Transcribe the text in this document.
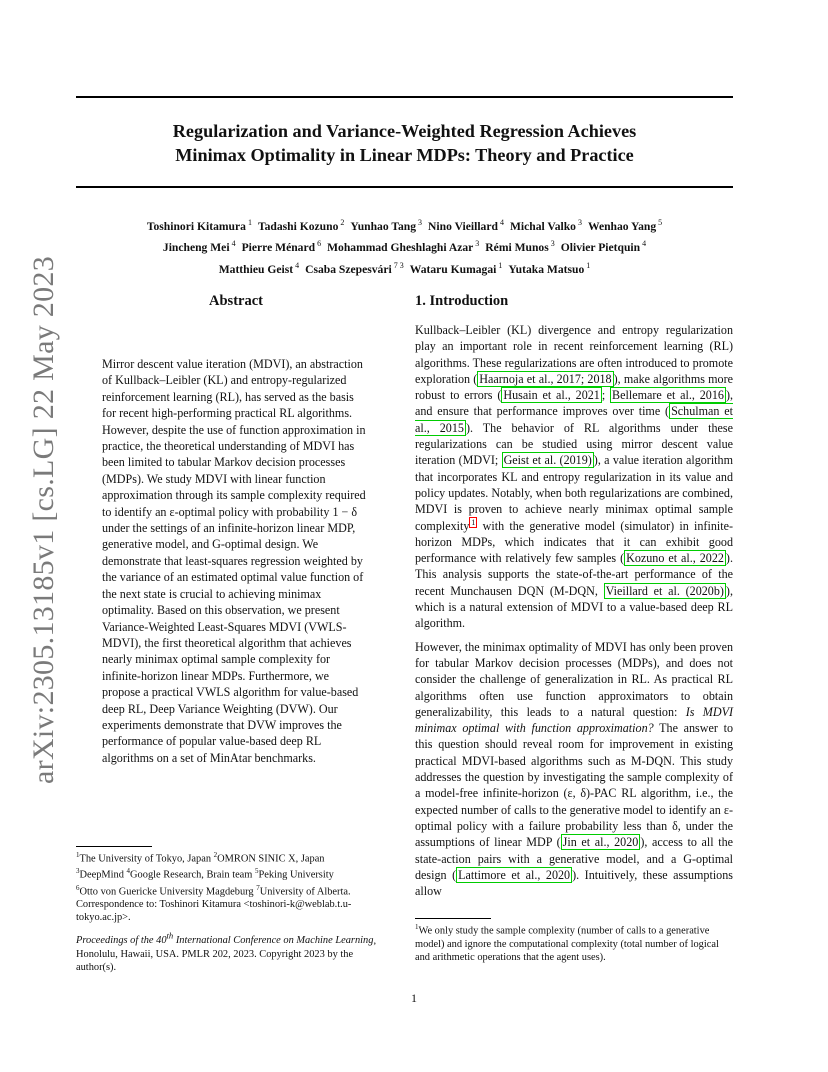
Regularization and Variance-Weighted Regression Achieves
Minimax Optimality in Linear MDPs: Theory and Practice
Toshinori Kitamura $^1$ Tadashi Kozuno $^2$ Yunhao Tang $^3$ Nino Vieillard $^4$ Michal Valko $^3$ Wenhao Yang $^5$
Jincheng Mei $^4$ Pierre Ménard $^6$ Mohammad Gheshlaghi Azar $^3$ Rémi Munos $^3$ Olivier Pietquin $^4$
Matthieu Geist $^4$ Csaba Szepesvári $^{7 3}$ Wataru Kumagai $^1$ Yutaka Matsuo $^1$
arXiv:2305.13185v1 [cs.LG] 22 May 2023	Abstract

Mirror descent value iteration (MDVI), an abstraction of Kullback–Leibler (KL) and entropy-regularized reinforcement learning (RL), has served as the basis for recent high-performing practical RL algorithms. However, despite the use of function approximation in practice, the theoretical understanding of MDVI has been limited to tabular Markov decision processes (MDPs). We study MDVI with linear function approximation through its sample complexity required to identify an ε-optimal policy with probability 1 − δ under the settings of an infinite-horizon linear MDP, generative model, and G-optimal design. We demonstrate that least-squares regression weighted by the variance of an estimated optimal value function of the next state is crucial to achieving minimax optimality. Based on this observation, we present Variance-Weighted Least-Squares MDVI (VWLS-MDVI), the first theoretical algorithm that achieves nearly minimax optimal sample complexity for infinite-horizon linear MDPs. Furthermore, we propose a practical VWLS algorithm for value-based deep RL, Deep Variance Weighting (DVW). Our experiments demonstrate that DVW improves the performance of popular value-based deep RL algorithms on a set of MinAtar benchmarks.

$^1$The University of Tokyo, Japan $^2$OMRON SINIC X, Japan
$^3$DeepMind $^4$Google Research, Brain team $^5$Peking University
$^6$Otto von Guericke University Magdeburg $^7$University of Alberta.
Correspondence to: Toshinori Kitamura <toshinori-k@weblab.t.u-tokyo.ac.jp>.

Proceedings of the 40th International Conference on Machine Learning, Honolulu, Hawaii, USA. PMLR 202, 2023. Copyright 2023 by the author(s).
1. Introduction

Kullback–Leibler (KL) divergence and entropy regularization play an important role in recent reinforcement learning (RL) algorithms. These regularizations are often introduced to promote exploration ( Haarnoja et al., 2017; 2018 ), make algorithms more robust to errors ( Husain et al., 2021 ; Bellemare et al., 2016 ), and ensure that performance improves over time ( Schulman et al., 2015 ). The behavior of RL algorithms under these regularizations can be studied using mirror descent value iteration (MDVI; Geist et al. (2019) ), a value iteration algorithm that incorporates KL and entropy regularization in its value and policy updates. Notably, when both regularizations are combined, MDVI is proven to achieve nearly minimax optimal sample complexity $^1$ with the generative model (simulator) in infinite-horizon MDPs, which indicates that it can exhibit good performance with relatively few samples ( Kozuno et al., 2022 ). This analysis supports the state-of-the-art performance of the recent Munchausen DQN (M-DQN, Vieillard et al. (2020b) ), which is a natural extension of MDVI to a value-based deep RL algorithm.

However, the minimax optimality of MDVI has only been proven for tabular Markov decision processes (MDPs), and does not consider the challenge of generalization in RL. As practical RL algorithms often use function approximators to obtain generalizability, this leads to a natural question: Is MDVI minimax optimal with function approximation? The answer to this question should reveal room for improvement in existing practical MDVI-based algorithms such as M-DQN. This study addresses the question by investigating the sample complexity of a model-free infinite-horizon (ε, δ)-PAC RL algorithm, i.e., the expected number of calls to the generative model to identify an ε-optimal policy with a failure probability less than δ, under the assumptions of linear MDP ( Jin et al., 2020 ), access to all the state-action pairs with a generative model, and a G-optimal design ( Lattimore et al., 2020 ). Intuitively, these assumptions allow

$^1$We only study the sample complexity (number of calls to a generative model) and ignore the computational complexity (total number of logical and arithmetic operations that the agent uses).
1
